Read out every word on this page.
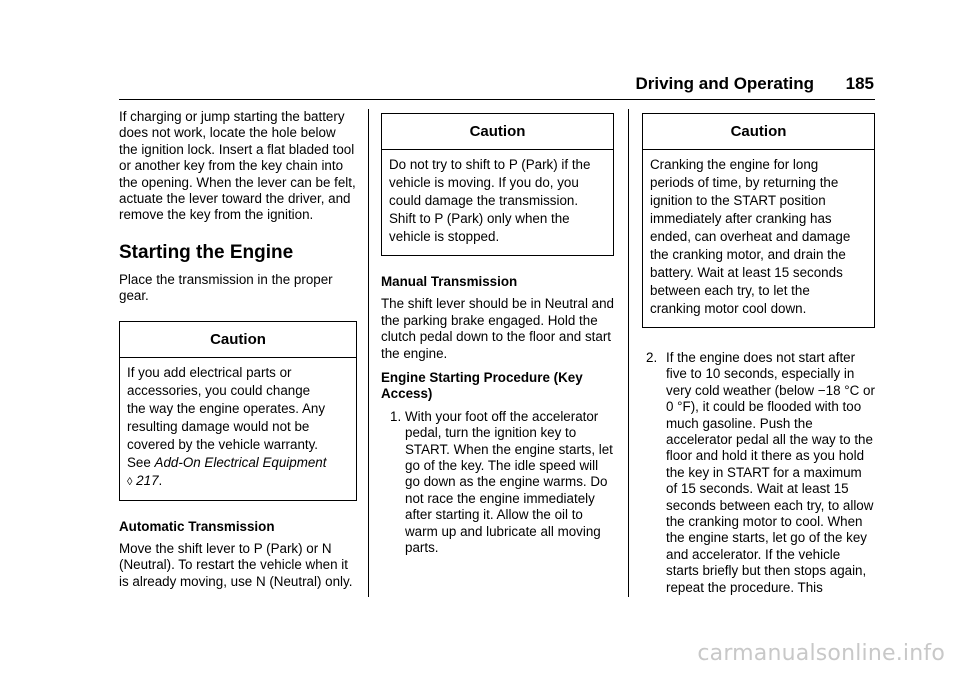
Driving and Operating 185

If charging or jump starting the battery does not work, locate the hole below the ignition lock. Insert a flat bladed tool or another key from the key chain into the opening. When the lever can be felt, actuate the lever toward the driver, and remove the key from the ignition.

Starting the Engine

Place the transmission in the proper gear.

Caution
If you add electrical parts or
accessories, you could change
the way the engine operates. Any
resulting damage would not be
covered by the vehicle warranty.
See Add-On Electrical Equipment
◊ 217.
Automatic Transmission

Move the shift lever to P (Park) or N (Neutral). To restart the vehicle when it is already moving, use N (Neutral) only.

Caution
Do not try to shift to P (Park) if the
vehicle is moving. If you do, you
could damage the transmission.
Shift to P (Park) only when the
vehicle is stopped.
Manual Transmission

The shift lever should be in Neutral and the parking brake engaged. Hold the clutch pedal down to the floor and start the engine.

Engine Starting Procedure (Key Access)
1. With your foot off the accelerator pedal, turn the ignition key to START. When the engine starts, let go of the key. The idle speed will go down as the engine warms. Do not race the engine immediately after starting it. Allow the oil to warm up and lubricate all moving parts.
Caution
Cranking the engine for long
periods of time, by returning the
ignition to the START position
immediately after cranking has
ended, can overheat and damage
the cranking motor, and drain the
battery. Wait at least 15 seconds
between each try, to let the
cranking motor cool down.
2. If the engine does not start after five to 10 seconds, especially in very cold weather (below −18 °C or 0 °F), it could be flooded with too much gasoline. Push the accelerator pedal all the way to the floor and hold it there as you hold the key in START for a maximum of 15 seconds. Wait at least 15 seconds between each try, to allow the cranking motor to cool. When the engine starts, let go of the key and accelerator. If the vehicle starts briefly but then stops again, repeat the procedure. This
carmanualsonline.info
